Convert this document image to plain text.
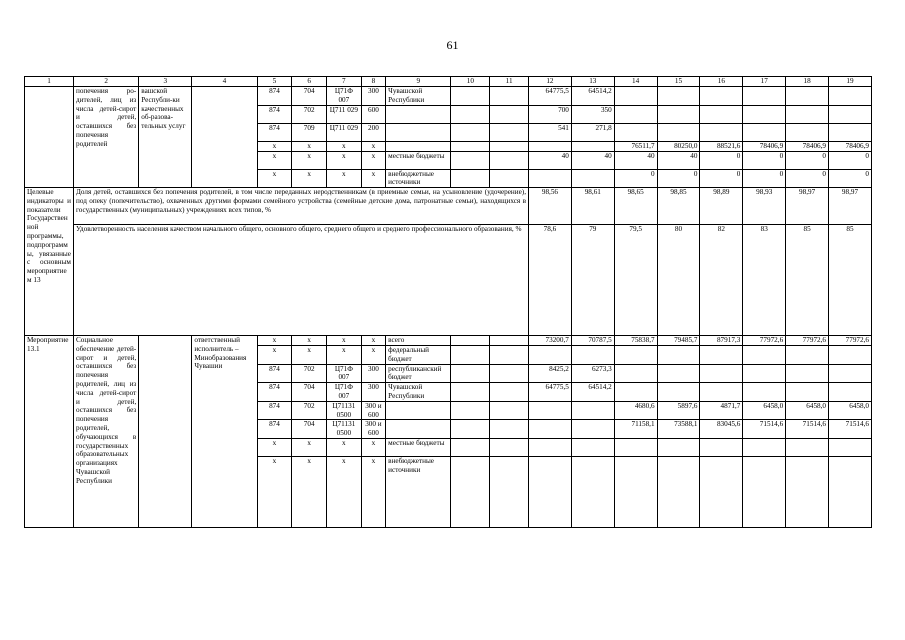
61
1	2	3	4	5	6	7	8	9	10	11	12	13	14	15	16	17	18	19
	попечения ро-дителей, лиц из числа детей-сирот и детей, оставшихся без попечения родителей	вашской Республи-ки качественных об-разова-тельных услуг		874	704	Ц71Ф 007	300	Чувашской Республики			64775,5	64514,2						
				874	702	Ц711 029	600				700	350						
				874	709	Ц711 029	200				541	271,8						
				x	x	x	x						76511,7	80250,0	88521,6	78406,9	78406,9	78406,9
				x	x	x	x	местные бюджеты			40	40	40	40	0	0	0	0
				x	x	x	x	внебюджетные источники					0	0	0	0	0	0
Целевые индикаторы и показатели Государственной программы, подпрограммы, увязанные с основным мероприятием 13	Доля детей, оставшихся без попечения родителей, в том числе переданных неродственникам (в приемные семьи, на усыновление (удочерение), под опеку (попечительство), охваченных другими формами семейного устройства (семейные детские дома, патронатные семьи), находящихся в государственных (муниципальных) учреждениях всех типов, %										98,56	98,61	98,65	98,85	98,89	98,93	98,97	98,97
	Удовлетворенность населения качеством начального общего, основного общего, среднего общего и среднего профессионального образования, %										78,6	79	79,5	80	82	83	85	85
Мероприятие 13.1	Социальное обеспечение детей-сирот и детей, оставшихся без попечения родителей, лиц из числа детей-сирот и детей, оставшихся без попечения родителей, обучающихся в государственных образовательных организациях Чувашской Республики		ответственный исполнитель – Минобразования Чувашии	x	x	x	x	всего			73200,7	70787,5	75838,7	79485,7	87917,3	77972,6	77972,6	77972,6
				x	x	x	x	федеральный бюджет										
				874	702	Ц71Ф 007	300	республиканский бюджет			8425,2	6273,3						
				874	704	Ц71Ф 007	300	Чувашской Республики			64775,5	64514,2						
				874	702	Ц71131 0500	300 и 600						4680,6	5897,6	4871,7	6458,0	6458,0	6458,0
				874	704	Ц71131 0500	300 и 600						71158,1	73588,1	83045,6	71514,6	71514,6	71514,6
				x	x	x	x	местные бюджеты										
				x	x	x	x	внебюджетные источники										
